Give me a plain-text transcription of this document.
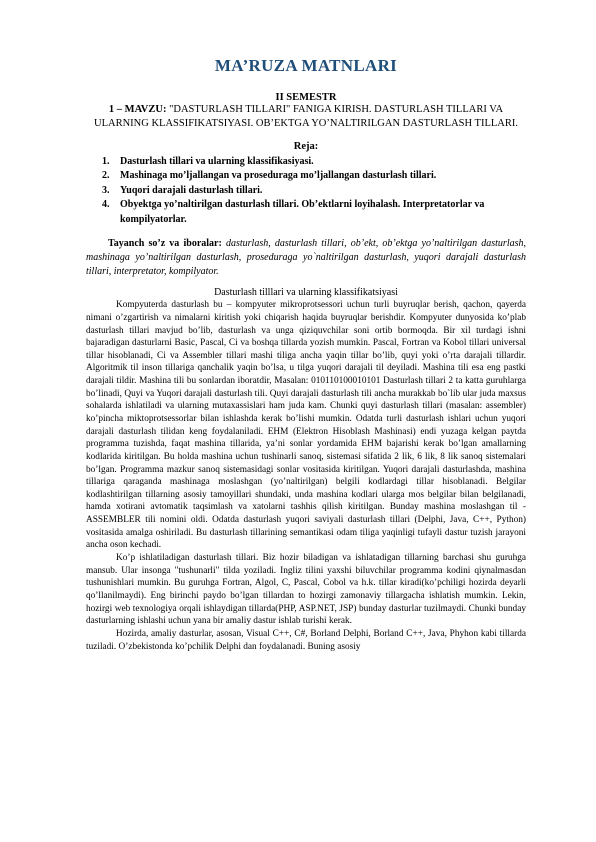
MA’RUZA MATNLARI

II SEMESTR

1 – MAVZU: "DASTURLASH TILLARI" FANIGA KIRISH. DASTURLASH TILLARI VA ULARNING KLASSIFIKATSIYASI. OB’EKTGA YO’NALTIRILGAN DASTURLASH TILLARI.

Reja:

1. Dasturlash tillari va ularning klassifikasiyasi.
2. Mashinaga mo’ljallangan va proseduraga mo’ljallangan dasturlash tillari.
3. Yuqori darajali dasturlash tillari.
4. Obyektga yo’naltirilgan dasturlash tillari. Ob’ektlarni loyihalash. Interpretatorlar va kompilyatorlar.

Tayanch so’z va iboralar: dasturlash, dasturlash tillari, ob’ekt, ob’ektga yo’naltirilgan dasturlash, mashinaga yo’naltirilgan dasturlash, proseduraga yo`naltirilgan dasturlash, yuqori darajali dasturlash tillari, interpretator, kompilyator.

Dasturlash tilllari va ularning klassifikatsiyasi

Kompyuterda dasturlash bu – kompyuter mikroprotsessori uchun turli buyruqlar berish, qachon, qayerda nimani o’zgartirish va nimalarni kiritish yoki chiqarish haqida buyruqlar berishdir. Kompyuter dunyosida ko’plab dasturlash tillari mavjud bo’lib, dasturlash va unga qiziquvchilar soni ortib bormoqda. Bir xil turdagi ishni bajaradigan dasturlarni Basic, Pascal, Ci va boshqa tillarda yozish mumkin. Pascal, Fortran va Kobol tillari universal tillar hisoblanadi, Ci va Assembler tillari mashi tiliga ancha yaqin tillar bo’lib, quyi yoki o’rta darajali tillardir. Algoritmik til inson tillariga qanchalik yaqin bo’lsa, u tilga yuqori darajali til deyiladi. Mashina tili esa eng pastki darajali tildir. Mashina tili bu sonlardan iboratdir, Masalan: 010110100010101 Dasturlash tillari 2 ta katta guruhlarga bo’linadi, Quyi va Yuqori darajali dasturlash tili. Quyi darajali dasturlash tili ancha murakkab bo`lib ular juda maxsus sohalarda ishlatiladi va ularning mutaxassislari ham juda kam. Chunki quyi dasturlash tillari (masalan: assembler) ko’pincha miktoprotsessorlar bilan ishlashda kerak bo’lishi mumkin. Odatda turli dasturlash ishlari uchun yuqori darajali dasturlash tilidan keng foydalaniladi. EHM (Elektron Hisoblash Mashinasi) endi yuzaga kelgan paytda programma tuzishda, faqat mashina tillarida, ya’ni sonlar yordamida EHM bajarishi kerak bo’lgan amallarning kodlarida kiritilgan. Bu holda mashina uchun tushinarli sanoq, sistemasi sifatida 2 lik, 6 lik, 8 lik sanoq sistemalari bo’lgan. Programma mazkur sanoq sistemasidagi sonlar vositasida kiritilgan. Yuqori darajali dasturlashda, mashina tillariga qaraganda mashinaga moslashgan (yo’naltirilgan) belgili kodlardagi tillar hisoblanadi. Belgilar kodlashtirilgan tillarning asosiy tamoyillari shundaki, unda mashina kodlari ularga mos belgilar bilan belgilanadi, hamda xotirani avtomatik taqsimlash va xatolarni tashhis qilish kiritilgan. Bunday mashina moslashgan til - ASSEMBLER tili nomini oldi. Odatda dasturlash yuqori saviyali dasturlash tillari (Delphi, Java, C++, Python) vositasida amalga oshiriladi. Bu dasturlash tillarining semantikasi odam tiliga yaqinligi tufayli dastur tuzish jarayoni ancha oson kechadi.

Ko’p ishlatiladigan dasturlash tillari. Biz hozir biladigan va ishlatadigan tillarning barchasi shu guruhga mansub. Ular insonga "tushunarli" tilda yoziladi. Ingliz tilini yaxshi biluvchilar programma kodini qiynalmasdan tushunishlari mumkin. Bu guruhga Fortran, Algol, C, Pascal, Cobol va h.k. tillar kiradi(ko’pchiligi hozirda deyarli qo’llanilmaydi). Eng birinchi paydo bo’lgan tillardan to hozirgi zamonaviy tillargacha ishlatish mumkin. Lekin, hozirgi web texnologiya orqali ishlaydigan tillarda(PHP, ASP.NET, JSP) bunday dasturlar tuzilmaydi. Chunki bunday dasturlarning ishlashi uchun yana bir amaliy dastur ishlab turishi kerak.

Hozirda, amaliy dasturlar, asosan, Visual C++, C#, Borland Delphi, Borland C++, Java, Phyhon kabi tillarda tuziladi. O’zbekistonda ko’pchilik Delphi dan foydalanadi. Buning asosiy
